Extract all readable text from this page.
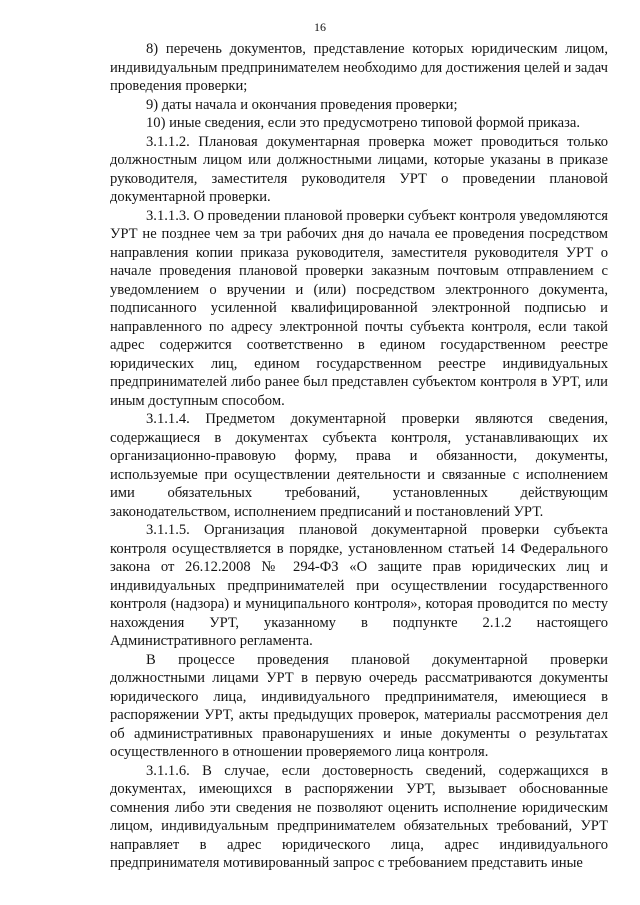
16

8) перечень документов, представление которых юридическим лицом, индивидуальным предпринимателем необходимо для достижения целей и задач проведения проверки;

9) даты начала и окончания проведения проверки;

10) иные сведения, если это предусмотрено типовой формой приказа.

3.1.1.2. Плановая документарная проверка может проводиться только должностным лицом или должностными лицами, которые указаны в приказе руководителя, заместителя руководителя УРТ о проведении плановой документарной проверки.

3.1.1.3. О проведении плановой проверки субъект контроля уведомляются УРТ не позднее чем за три рабочих дня до начала ее проведения посредством направления копии приказа руководителя, заместителя руководителя УРТ о начале проведения плановой проверки заказным почтовым отправлением с уведомлением о вручении и (или) посредством электронного документа, подписанного усиленной квалифицированной электронной подписью и направленного по адресу электронной почты субъекта контроля, если такой адрес содержится соответственно в едином государственном реестре юридических лиц, едином государственном реестре индивидуальных предпринимателей либо ранее был представлен субъектом контроля в УРТ, или иным доступным способом.

3.1.1.4. Предметом документарной проверки являются сведения, содержащиеся в документах субъекта контроля, устанавливающих их организационно-правовую форму, права и обязанности, документы, используемые при осуществлении деятельности и связанные с исполнением ими обязательных требований, установленных действующим законодательством, исполнением предписаний и постановлений УРТ.

3.1.1.5. Организация плановой документарной проверки субъекта контроля осуществляется в порядке, установленном статьей 14 Федерального закона от 26.12.2008 № 294-ФЗ «О защите прав юридических лиц и индивидуальных предпринимателей при осуществлении государственного контроля (надзора) и муниципального контроля», которая проводится по месту нахождения УРТ, указанному в подпункте 2.1.2 настоящего Административного регламента.

В процессе проведения плановой документарной проверки должностными лицами УРТ в первую очередь рассматриваются документы юридического лица, индивидуального предпринимателя, имеющиеся в распоряжении УРТ, акты предыдущих проверок, материалы рассмотрения дел об административных правонарушениях и иные документы о результатах осуществленного в отношении проверяемого лица контроля.

3.1.1.6. В случае, если достоверность сведений, содержащихся в документах, имеющихся в распоряжении УРТ, вызывает обоснованные сомнения либо эти сведения не позволяют оценить исполнение юридическим лицом, индивидуальным предпринимателем обязательных требований, УРТ направляет в адрес юридического лица, адрес индивидуального предпринимателя мотивированный запрос с требованием представить иные
